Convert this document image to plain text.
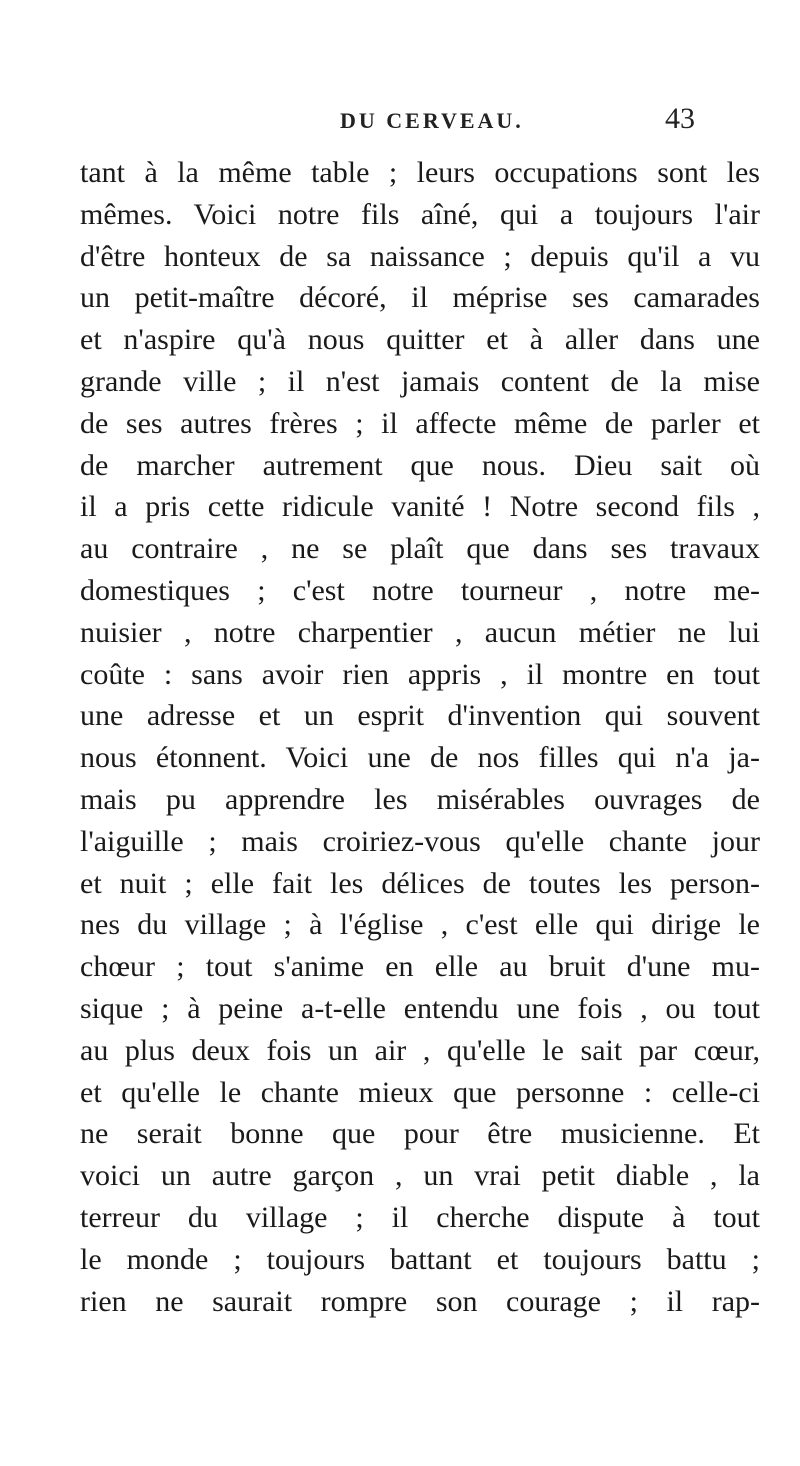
DU CERVEAU.	43
tant à la même table ; leurs occupations sont les
mêmes. Voici notre fils aîné, qui a toujours l'air
d'être honteux de sa naissance ; depuis qu'il a vu
un petit-maître décoré, il méprise ses camarades
et n'aspire qu'à nous quitter et à aller dans une
grande ville ; il n'est jamais content de la mise
de ses autres frères ; il affecte même de parler et
de marcher autrement que nous. Dieu sait où
il a pris cette ridicule vanité ! Notre second fils ,
au contraire , ne se plaît que dans ses travaux
domestiques ; c'est notre tourneur , notre me-
nuisier , notre charpentier , aucun métier ne lui
coûte : sans avoir rien appris , il montre en tout
une adresse et un esprit d'invention qui souvent
nous étonnent. Voici une de nos filles qui n'a ja-
mais pu apprendre les misérables ouvrages de
l'aiguille ; mais croiriez-vous qu'elle chante jour
et nuit ; elle fait les délices de toutes les person-
nes du village ; à l'église , c'est elle qui dirige le
chœur ; tout s'anime en elle au bruit d'une mu-
sique ; à peine a-t-elle entendu une fois , ou tout
au plus deux fois un air , qu'elle le sait par cœur,
et qu'elle le chante mieux que personne : celle-ci
ne serait bonne que pour être musicienne. Et
voici un autre garçon , un vrai petit diable , la
terreur du village ; il cherche dispute à tout
le monde ; toujours battant et toujours battu ;
rien ne saurait rompre son courage ; il rap-
